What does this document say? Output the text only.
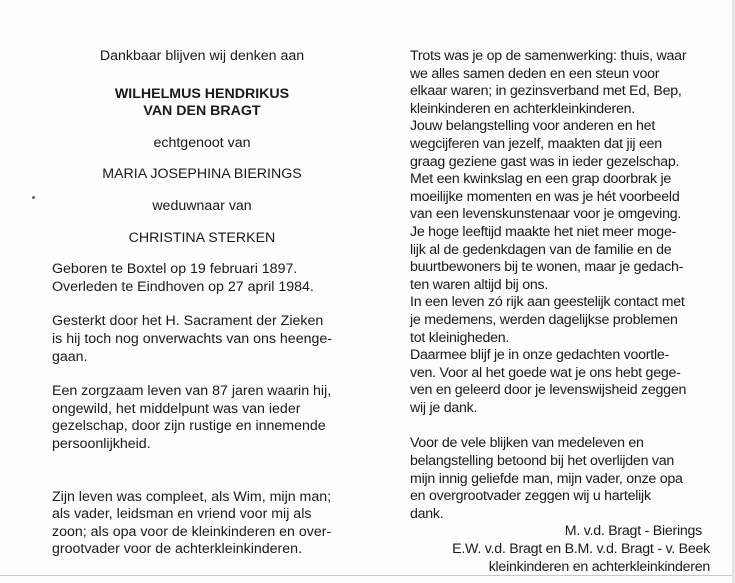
Dankbaar blijven wij denken aan
WILHELMUS HENDRIKUS
VAN DEN BRAGT
echtgenoot van
MARIA JOSEPHINA BIERINGS
weduwnaar van
CHRISTINA STERKEN
Geboren te Boxtel op 19 februari 1897.
Overleden te Eindhoven op 27 april 1984.
Gesterkt door het H. Sacrament der Zieken
is hij toch nog onverwachts van ons heenge-
gaan.
Een zorgzaam leven van 87 jaren waarin hij,
ongewild, het middelpunt was van ieder
gezelschap, door zijn rustige en innemende
persoonlijkheid.
Zijn leven was compleet, als Wim, mijn man;
als vader, leidsman en vriend voor mij als
zoon; als opa voor de kleinkinderen en over-
grootvader voor de achterkleinkinderen.
Trots was je op de samenwerking: thuis, waar
we alles samen deden en een steun voor
elkaar waren; in gezinsverband met Ed, Bep,
kleinkinderen en achterkleinkinderen.
Jouw belangstelling voor anderen en het
wegcijferen van jezelf, maakten dat jij een
graag geziene gast was in ieder gezelschap.
Met een kwinkslag en een grap doorbrak je
moeilijke momenten en was je hét voorbeeld
van een levenskunstenaar voor je omgeving.
Je hoge leeftijd maakte het niet meer moge-
lijk al de gedenkdagen van de familie en de
buurtbewoners bij te wonen, maar je gedach-
ten waren altijd bij ons.
In een leven zó rijk aan geestelijk contact met
je medemens, werden dagelijkse problemen
tot kleinigheden.
Daarmee blijf je in onze gedachten voortle-
ven. Voor al het goede wat je ons hebt gege-
ven en geleerd door je levenswijsheid zeggen
wij je dank.
Voor de vele blijken van medeleven en
belangstelling betoond bij het overlijden van
mijn innig geliefde man, mijn vader, onze opa
en overgrootvader zeggen wij u hartelijk
dank.
M. v.d. Bragt - Bierings
E.W. v.d. Bragt en B.M. v.d. Bragt - v. Beek
kleinkinderen en achterkleinkinderen
